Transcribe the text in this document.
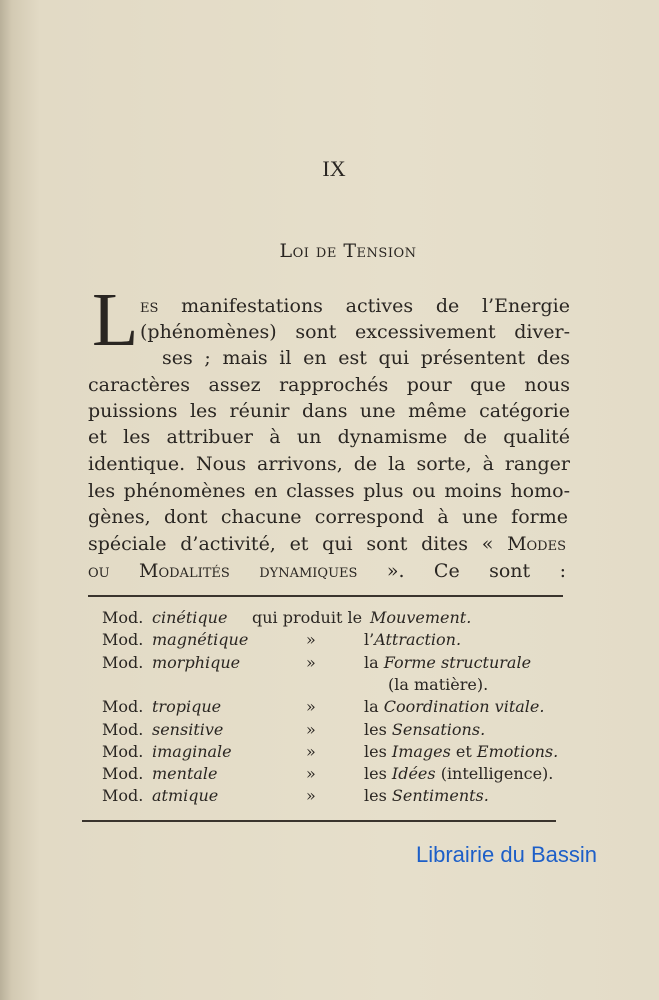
IX
Loi de Tension
L es manifestations actives de l’Energie
(phénomènes) sont excessivement diver-
ses ; mais il en est qui présentent des
caractères assez rapprochés pour que nous
puissions les réunir dans une même catégorie
et les attribuer à un dynamisme de qualité
identique. Nous arrivons, de la sorte, à ranger
les phénomènes en classes plus ou moins homo-
gènes, dont chacune correspond à une forme
spéciale d’activité, et qui sont dites « Modes
ou Modalités dynamiques ». Ce sont :
Mod. cinétique qui produit le Mouvement.
Mod. magnétique	»	l’Attraction.
Mod. morphique	»	la Forme structurale
(la matière).
Mod. tropique	»	la Coordination vitale.
Mod. sensitive	»	les Sensations.
Mod. imaginale	»	les Images et Emotions.
Mod. mentale	»	les Idées (intelligence).
Mod. atmique	»	les Sentiments.
Librairie du Bassin
